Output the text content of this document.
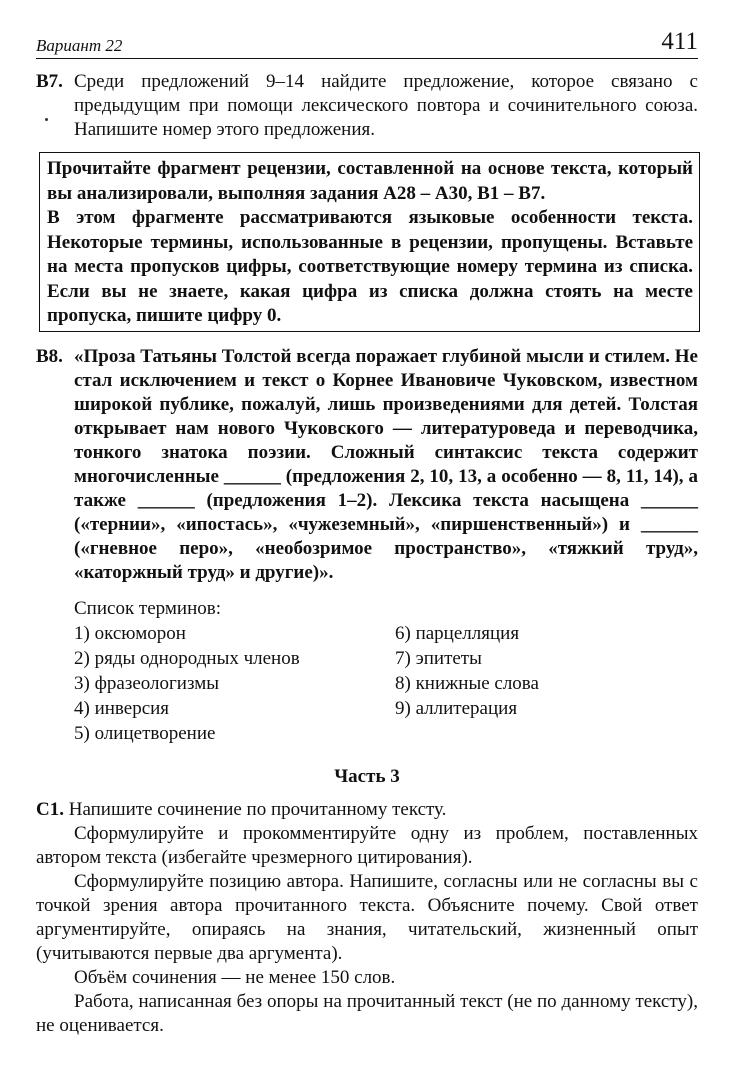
Вариант 22	411
В7. Среди предложений 9–14 найдите предложение, которое связано с предыдущим при помощи лексического повтора и сочинительного союза. Напишите номер этого предложения.

Прочитайте фрагмент рецензии, составленной на основе текста, который вы анализировали, выполняя задания А28 – А30, В1 – В7.

В этом фрагменте рассматриваются языковые особенности текста. Некоторые термины, использованные в рецензии, пропущены. Вставьте на места пропусков цифры, соответствующие номеру термина из списка. Если вы не знаете, какая цифра из списка должна стоять на месте пропуска, пишите цифру 0.

В8. «Проза Татьяны Толстой всегда поражает глубиной мысли и стилем. Не стал исключением и текст о Корнее Ивановиче Чуковском, известном широкой публике, пожалуй, лишь произведениями для детей. Толстая открывает нам нового Чуковского — литературоведа и переводчика, тонкого знатока поэзии. Сложный синтаксис текста содержит многочисленные ______ (предложения 2, 10, 13, а особенно — 8, 11, 14), а также ______ (предложения 1–2). Лексика текста насыщена ______ («тернии», «ипостась», «чужеземный», «пиршенственный») и ______ («гневное перо», «необозримое пространство», «тяжкий труд», «каторжный труд» и другие)».

Список терминов:

1) оксюморон
2) ряды однородных членов
3) фразеологизмы
4) инверсия
5) олицетворение
6) парцелляция
7) эпитеты
8) книжные слова
9) аллитерация
Часть 3

С1. Напишите сочинение по прочитанному тексту.

Сформулируйте и прокомментируйте одну из проблем, поставленных автором текста (избегайте чрезмерного цитирования).

Сформулируйте позицию автора. Напишите, согласны или не согласны вы с точкой зрения автора прочитанного текста. Объясните почему. Свой ответ аргументируйте, опираясь на знания, читательский, жизненный опыт (учитываются первые два аргумента).

Объём сочинения — не менее 150 слов.

Работа, написанная без опоры на прочитанный текст (не по данному тексту), не оценивается.
